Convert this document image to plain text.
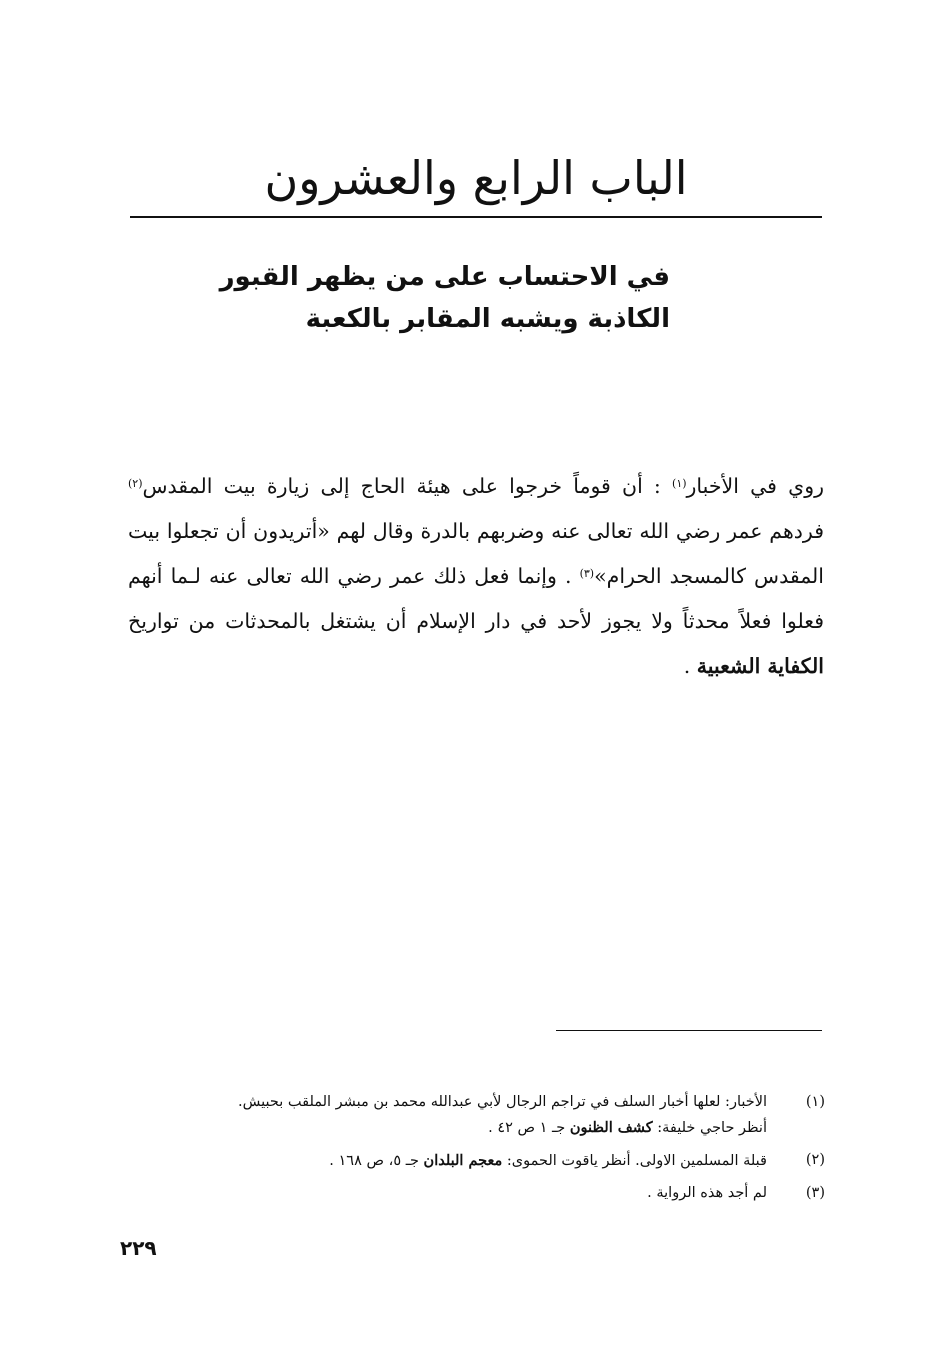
الباب الرابع والعشرون
في الاحتساب على من يظهر القبور
الكاذبة ويشبه المقابر بالكعبة

روي في الأخبار$^{(١)}$ : أن قوماً خرجوا على هيئة الحاج إلى زيارة بيت المقدس$^{(٢)}$ فردهم عمر رضي الله تعالى عنه وضربهم بالدرة وقال لهم «أتريدون أن تجعلوا بيت المقدس كالمسجد الحرام»$^{(٣)}$ . وإنما فعل ذلك عمر رضي الله تعالى عنه لـما أنهم فعلوا فعلاً محدثاً ولا يجوز لأحد في دار الإسلام أن يشتغل بالمحدثات من تواريخ الكفاية الشعبية .

(١)
الأخبار: لعلها أخبار السلف في تراجم الرجال لأبي عبدالله محمد بن مبشر الملقب بحبيش.
أنظر حاجي خليفة: كشف الظنون جـ ١ ص ٤٢ .
(٢)
قبلة المسلمين الاولى. أنظر ياقوت الحموى: معجم البلدان جـ ٥، ص ١٦٨ .
(٣)
لم أجد هذه الرواية .
٢٢٩
